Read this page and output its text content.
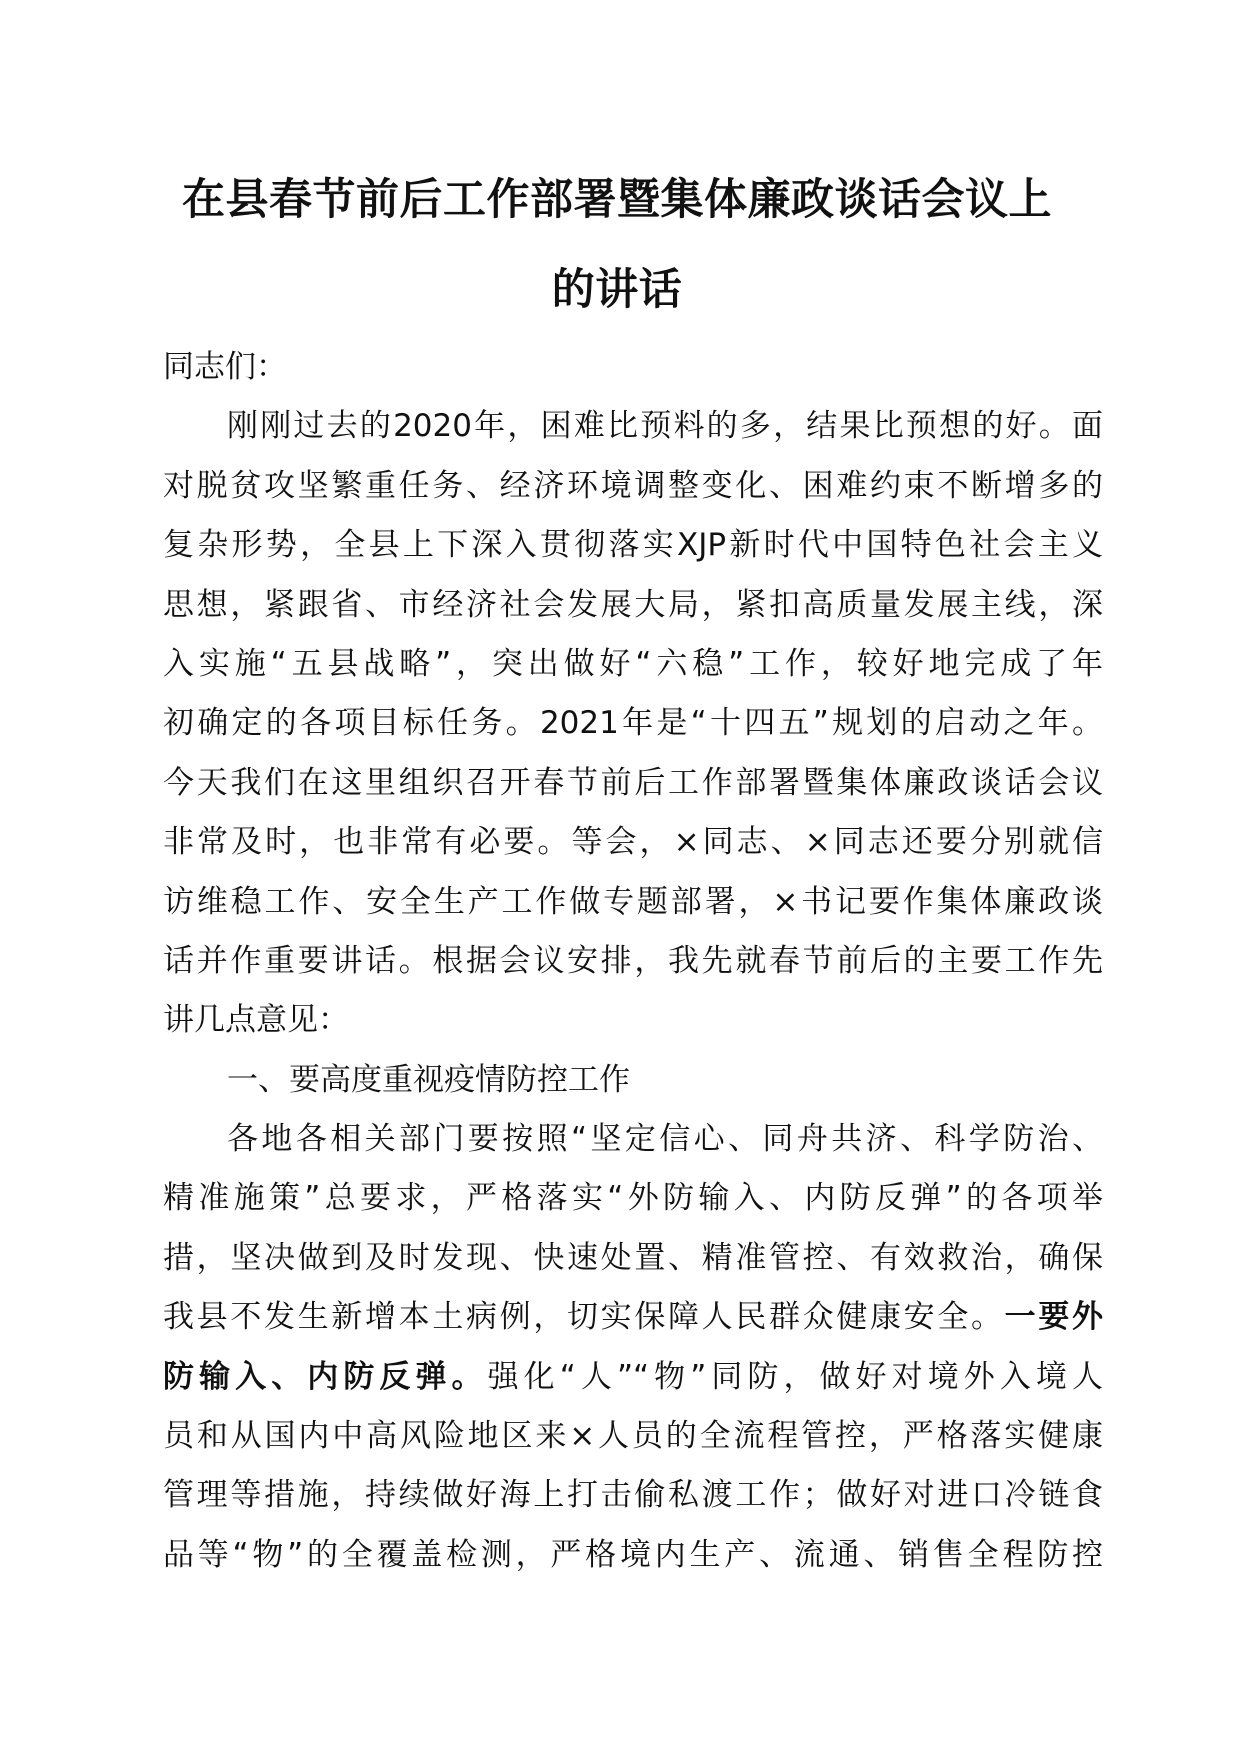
在县春节前后工作部署暨集体廉政谈话会议上
的讲话
同志们：
刚刚过去的2020年，困难比预料的多，结果比预想的好。面
对脱贫攻坚繁重任务、经济环境调整变化、困难约束不断增多的
复杂形势，全县上下深入贯彻落实XJP新时代中国特色社会主义
思想，紧跟省、市经济社会发展大局，紧扣高质量发展主线，深
入实施“五县战略”，突出做好“六稳”工作，较好地完成了年
初确定的各项目标任务。2021年是“十四五”规划的启动之年。
今天我们在这里组织召开春节前后工作部署暨集体廉政谈话会议
非常及时，也非常有必要。等会，×同志、×同志还要分别就信
访维稳工作、安全生产工作做专题部署，×书记要作集体廉政谈
话并作重要讲话。根据会议安排，我先就春节前后的主要工作先
讲几点意见：
一、要高度重视疫情防控工作
各地各相关部门要按照“坚定信心、同舟共济、科学防治、
精准施策”总要求，严格落实“外防输入、内防反弹”的各项举
措，坚决做到及时发现、快速处置、精准管控、有效救治，确保
我县不发生新增本土病例，切实保障人民群众健康安全。一要外
防输入、内防反弹。强化“人”“物”同防，做好对境外入境人
员和从国内中高风险地区来×人员的全流程管控，严格落实健康
管理等措施，持续做好海上打击偷私渡工作；做好对进口冷链食
品等“物”的全覆盖检测，严格境内生产、流通、销售全程防控
